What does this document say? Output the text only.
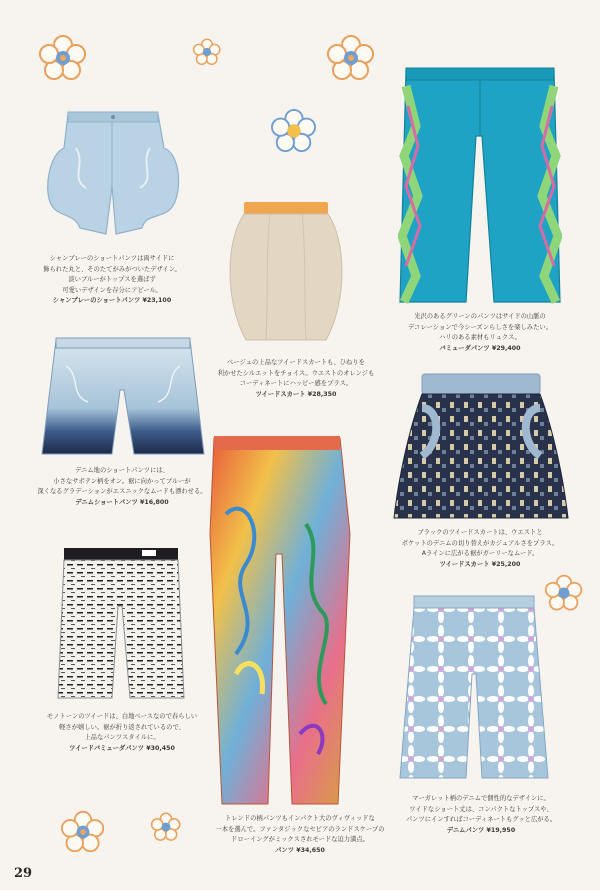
シャンブレーのショートパンツは両サイドに
飾られた丸と、そのたてがみがついたデザイン。
淡いブルーがトップスを選ばず
可愛いデザインを存分にアピール。
シャンブレーのショートパンツ ¥23,100
ベージュの上品なツイードスカートも、ひねりを
利かせたシルエットをチョイス。ウエストのオレンジも
コーディネートにハッピー感をプラス。
ツイードスカート ¥28,350
光沢のあるグリーンのパンツはサイドの山脈の
デコレーションで今シーズンらしさを楽しみたい。
ハリのある素材もリュクス。
バミューダパンツ ¥29,400
デニム地のショートパンツには、
小さなサボテン柄をオン。裾に向かってブルーが
深くなるグラデーションがエスニックなムードも漂わせる。
デニムショートパンツ ¥16,800
ブラックのツイードスカートは、ウエストと
ポケットのデニムの切り替えがカジュアルさをプラス。
Aラインに広がる裾がガーリーなムード。
ツイードスカート ¥25,200
モノトーンのツイードは、白地ベースなので春らしい
軽さが嬉しい。裾が折り返されているので、
上品なパンツスタイルに。
ツイードバミューダパンツ ¥30,450
トレンドの柄パンツもインパクト大のヴィヴィッドな
一本を選んで。ファンタジックなセピアのランドスケープの
ドローイングがミックスされモードな迫力満点。
パンツ ¥34,650
マーガレット柄のデニムで個性的なデザインに。
ワイドなショート丈は、コンパクトなトップスや、
パンツにインすればコーディネートもグッと広がる。
デニムパンツ ¥19,950
29
